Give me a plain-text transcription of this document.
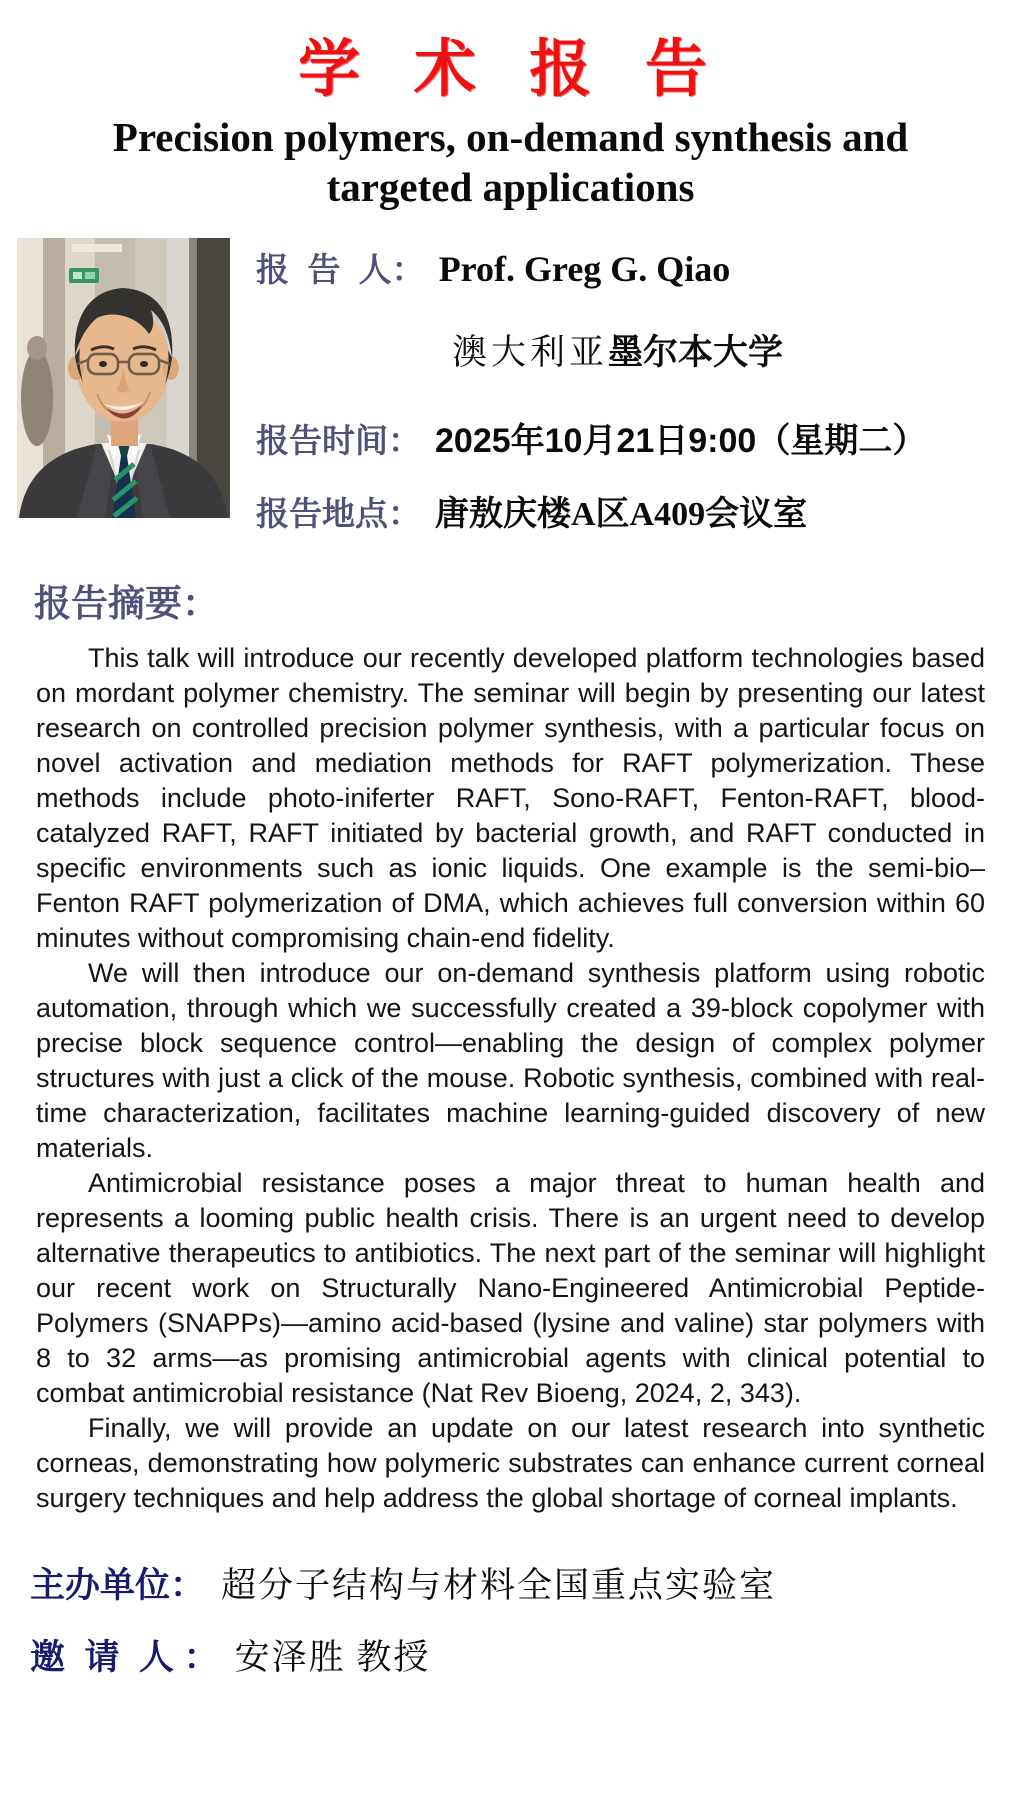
学 术 报 告
Precision polymers, on-demand synthesis and
targeted applications
报  告  人： Prof. Greg G. Qiao
澳大利亚墨尔本大学
报告时间： 2025年10月21日9:00（星期二）
报告地点： 唐敖庆楼A区A409会议室
报告摘要：

This talk will introduce our recently developed platform technologies based on mordant polymer chemistry. The seminar will begin by presenting our latest research on controlled precision polymer synthesis, with a particular focus on novel activation and mediation methods for RAFT polymerization. These methods include photo-iniferter RAFT, Sono-RAFT, Fenton-RAFT, blood-catalyzed RAFT, RAFT initiated by bacterial growth, and RAFT conducted in specific environments such as ionic liquids. One example is the semi-bio–Fenton RAFT polymerization of DMA, which achieves full conversion within 60 minutes without compromising chain-end fidelity.

We will then introduce our on-demand synthesis platform using robotic automation, through which we successfully created a 39-block copolymer with precise block sequence control—enabling the design of complex polymer structures with just a click of the mouse. Robotic synthesis, combined with real-time characterization, facilitates machine learning-guided discovery of new materials.

Antimicrobial resistance poses a major threat to human health and represents a looming public health crisis. There is an urgent need to develop alternative therapeutics to antibiotics. The next part of the seminar will highlight our recent work on Structurally Nano-Engineered Antimicrobial Peptide-Polymers (SNAPPs)—amino acid-based (lysine and valine) star polymers with 8 to 32 arms—as promising antimicrobial agents with clinical potential to combat antimicrobial resistance (Nat Rev Bioeng, 2024, 2, 343).

Finally, we will provide an update on our latest research into synthetic corneas, demonstrating how polymeric substrates can enhance current corneal surgery techniques and help address the global shortage of corneal implants.

主办单位： 超分子结构与材料全国重点实验室
邀  请  人 ： 安泽胜 教授
